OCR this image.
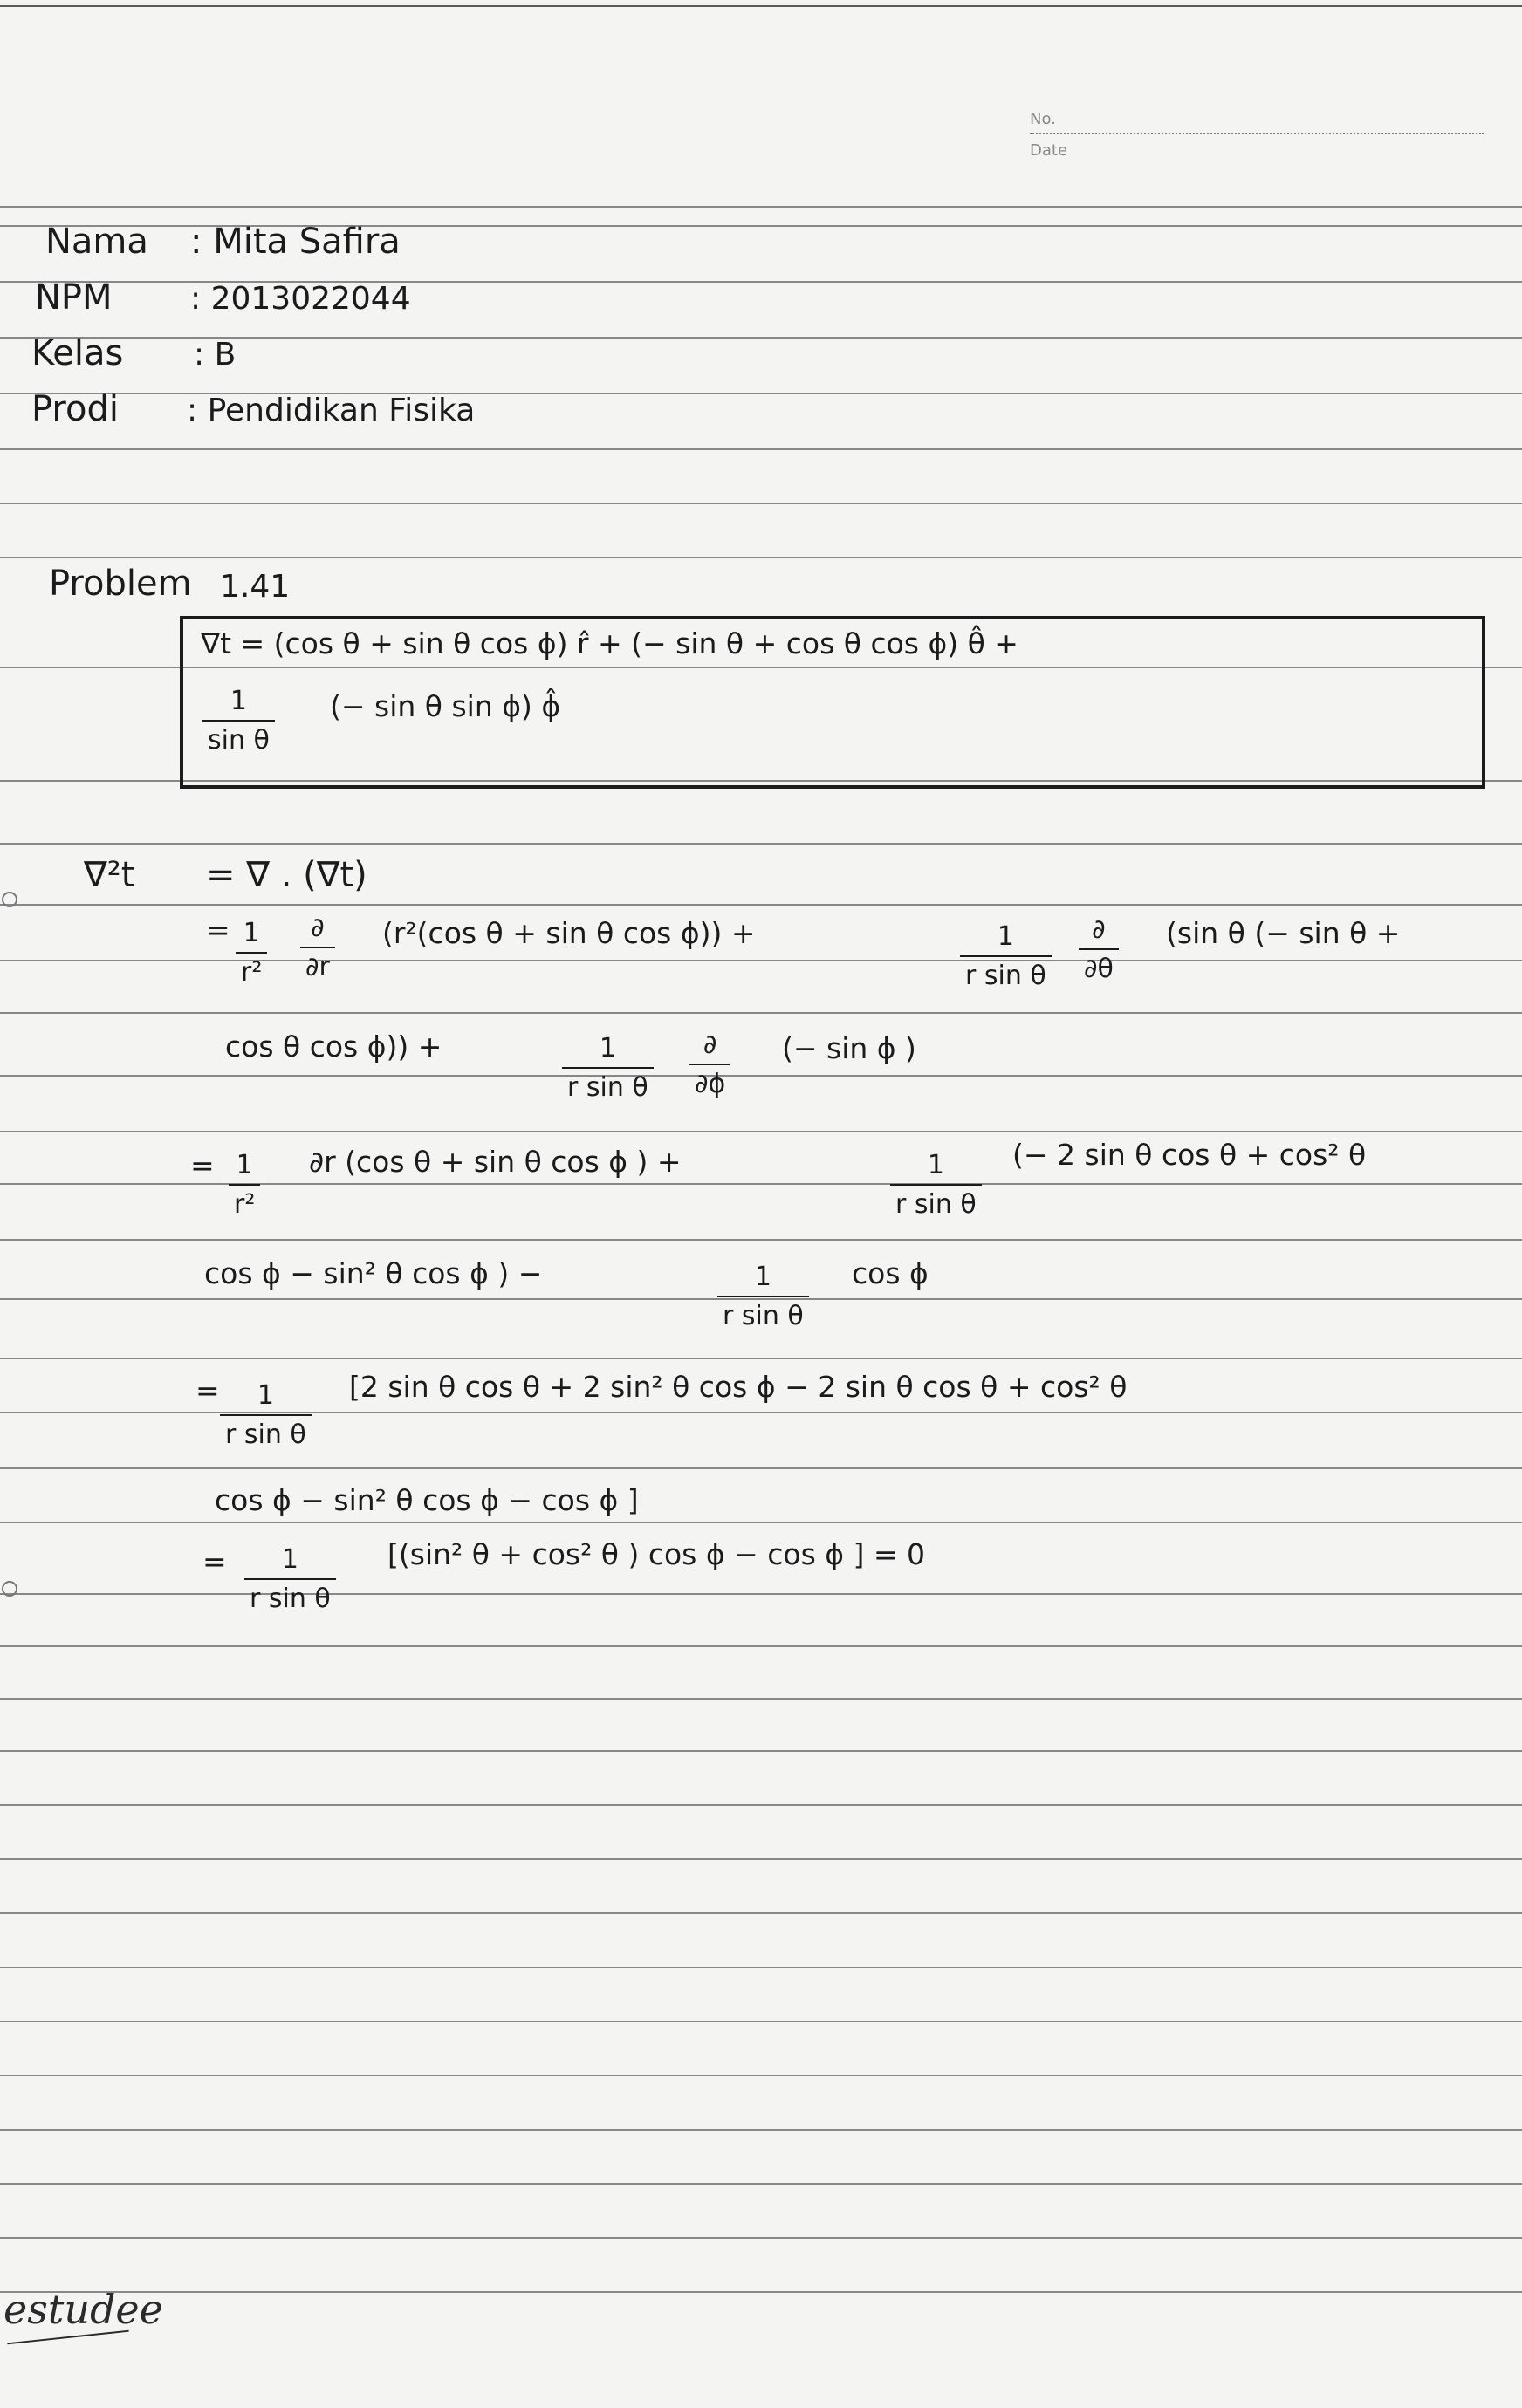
No.
Date
Nama : Mita Safira
NPM : 2013022044
Kelas : B
Prodi : Pendidikan Fisika
Problem 1.41
∇t = (cos θ + sin θ cos ϕ) r̂ + (− sin θ + cos θ cos ϕ) θ̂ +
1
sin θ
(− sin θ sin ϕ) ϕ̂
∇²t = ∇ . (∇t)
= 1
r²
∂
∂r
(r²(cos θ + sin θ cos ϕ)) +	1
r sin θ
∂
∂θ
(sin θ (− sin θ +
cos θ cos ϕ)) +	1
r sin θ
∂
∂ϕ
(− sin ϕ )
= 1
r²
∂r (cos θ + sin θ cos ϕ ) +	1
r sin θ
(− 2 sin θ cos θ + cos² θ
cos ϕ − sin² θ cos ϕ ) −	1
r sin θ
cos ϕ
= 1
r sin θ
[2 sin θ cos θ + 2 sin² θ cos ϕ − 2 sin θ cos θ + cos² θ
cos ϕ − sin² θ cos ϕ − cos ϕ ]
= 1
r sin θ
[(sin² θ + cos² θ ) cos ϕ − cos ϕ ] = 0
estudee
